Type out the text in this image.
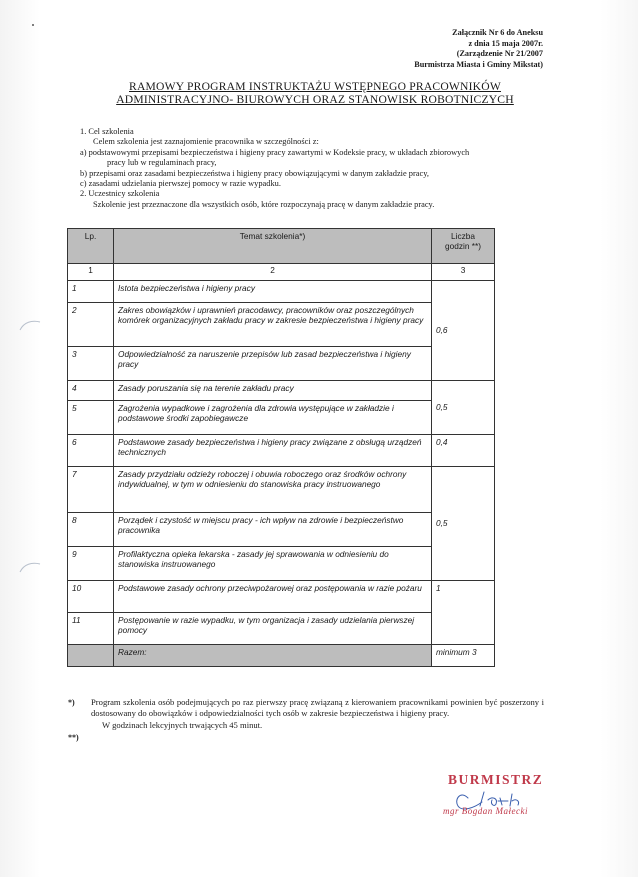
Załącznik Nr 6 do Aneksu
z dnia 15 maja 2007r.
(Zarządzenie Nr 21/2007
Burmistrza Miasta i Gminy Mikstat)
RAMOWY PROGRAM INSTRUKTAŻU WSTĘPNEGO PRACOWNIKÓW
ADMINISTRACYJNO- BIUROWYCH ORAZ STANOWISK ROBOTNICZYCH
1. Cel szkolenia
Celem szkolenia jest zaznajomienie pracownika w szczególności z:
a) podstawowymi przepisami bezpieczeństwa i higieny pracy zawartymi w Kodeksie pracy, w układach zbiorowych
pracy lub w regulaminach pracy,
b) przepisami oraz zasadami bezpieczeństwa i higieny pracy obowiązującymi w danym zakładzie pracy,
c) zasadami udzielania pierwszej pomocy w razie wypadku.
2. Uczestnicy szkolenia
Szkolenie jest przeznaczone dla wszystkich osób, które rozpoczynają pracę w danym zakładzie pracy.
Lp.	Temat szkolenia*)	Liczba
godzin **)

1	2	3
1	Istota bezpieczeństwa i higieny pracy	0,6
2	Zakres obowiązków i uprawnień pracodawcy, pracowników oraz poszczególnych komórek organizacyjnych zakładu pracy w zakresie bezpieczeństwa i higieny pracy	
3	Odpowiedzialność za naruszenie przepisów lub zasad bezpieczeństwa i higieny pracy	
4	Zasady poruszania się na terenie zakładu pracy	0,5
5	Zagrożenia wypadkowe i zagrożenia dla zdrowia występujące w zakładzie i podstawowe środki zapobiegawcze	
6	Podstawowe zasady bezpieczeństwa i higieny pracy związane z obsługą urządzeń technicznych	0,4
7	Zasady przydziału odzieży roboczej i obuwia roboczego oraz środków ochrony indywidualnej, w tym w odniesieniu do stanowiska pracy instruowanego	0,5
8	Porządek i czystość w miejscu pracy - ich wpływ na zdrowie i bezpieczeństwo pracownika	
9	Profilaktyczna opieka lekarska - zasady jej sprawowania w odniesieniu do stanowiska instruowanego	
10	Podstawowe zasady ochrony przeciwpożarowej oraz postępowania w razie pożaru	1
11	Postępowanie w razie wypadku, w tym organizacja i zasady udzielania pierwszej pomocy	
	Razem:	minimum 3
*)	Program szkolenia osób podejmujących po raz pierwszy pracę związaną z kierowaniem pracownikami powinien być poszerzony i dostosowany do obowiązków i odpowiedzialności tych osób w zakresie bezpieczeństwa i higieny pracy.
**)
W godzinach lekcyjnych trwających 45 minut.
BURMISTRZ
mgr Bogdan Małecki
